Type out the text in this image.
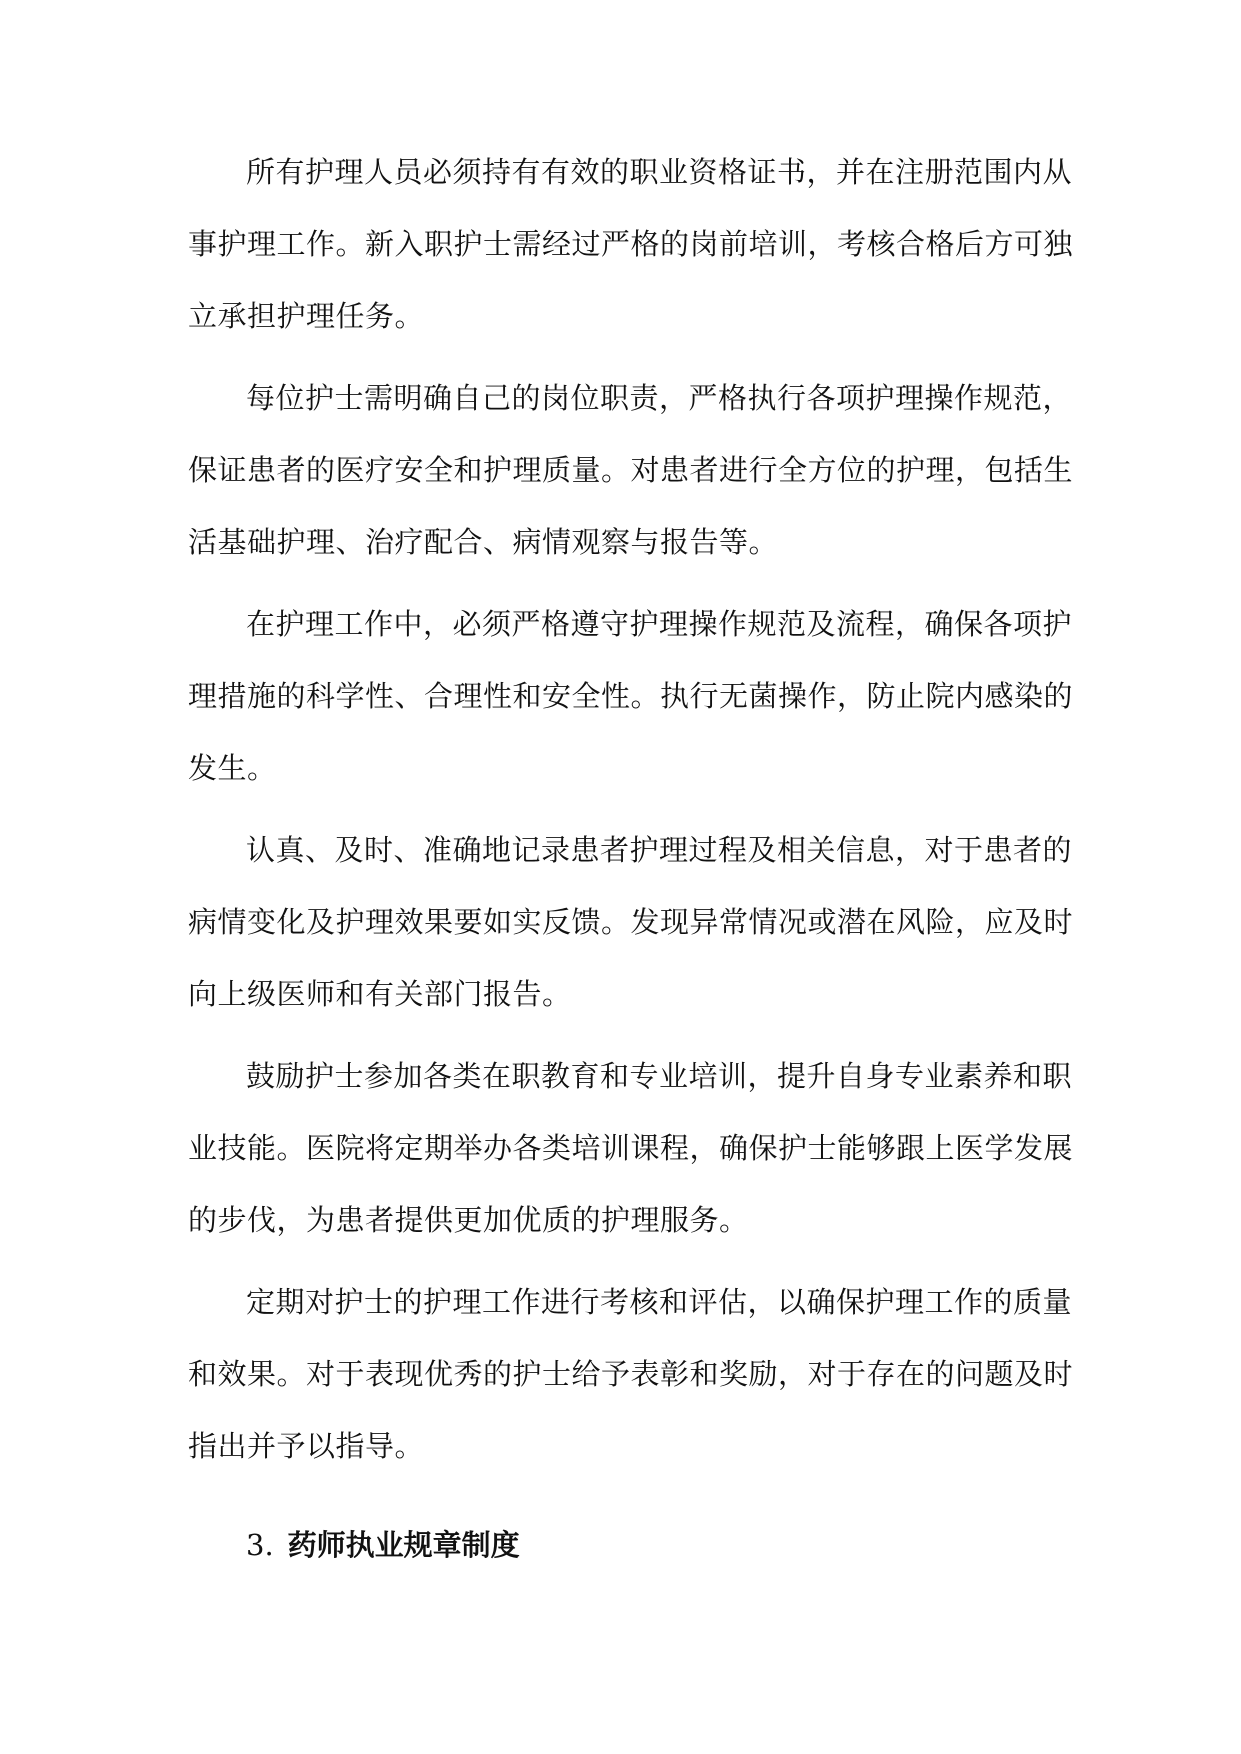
所有护理人员必须持有有效的职业资格证书，并在注册范围内从
事护理工作。新入职护士需经过严格的岗前培训，考核合格后方可独
立承担护理任务。
每位护士需明确自己的岗位职责，严格执行各项护理操作规范，
保证患者的医疗安全和护理质量。对患者进行全方位的护理，包括生
活基础护理、治疗配合、病情观察与报告等。
在护理工作中，必须严格遵守护理操作规范及流程，确保各项护
理措施的科学性、合理性和安全性。执行无菌操作，防止院内感染的
发生。
认真、及时、准确地记录患者护理过程及相关信息，对于患者的
病情变化及护理效果要如实反馈。发现异常情况或潜在风险，应及时
向上级医师和有关部门报告。
鼓励护士参加各类在职教育和专业培训，提升自身专业素养和职
业技能。医院将定期举办各类培训课程，确保护士能够跟上医学发展
的步伐，为患者提供更加优质的护理服务。
定期对护士的护理工作进行考核和评估，以确保护理工作的质量
和效果。对于表现优秀的护士给予表彰和奖励，对于存在的问题及时
指出并予以指导。
3. 药师执业规章制度
